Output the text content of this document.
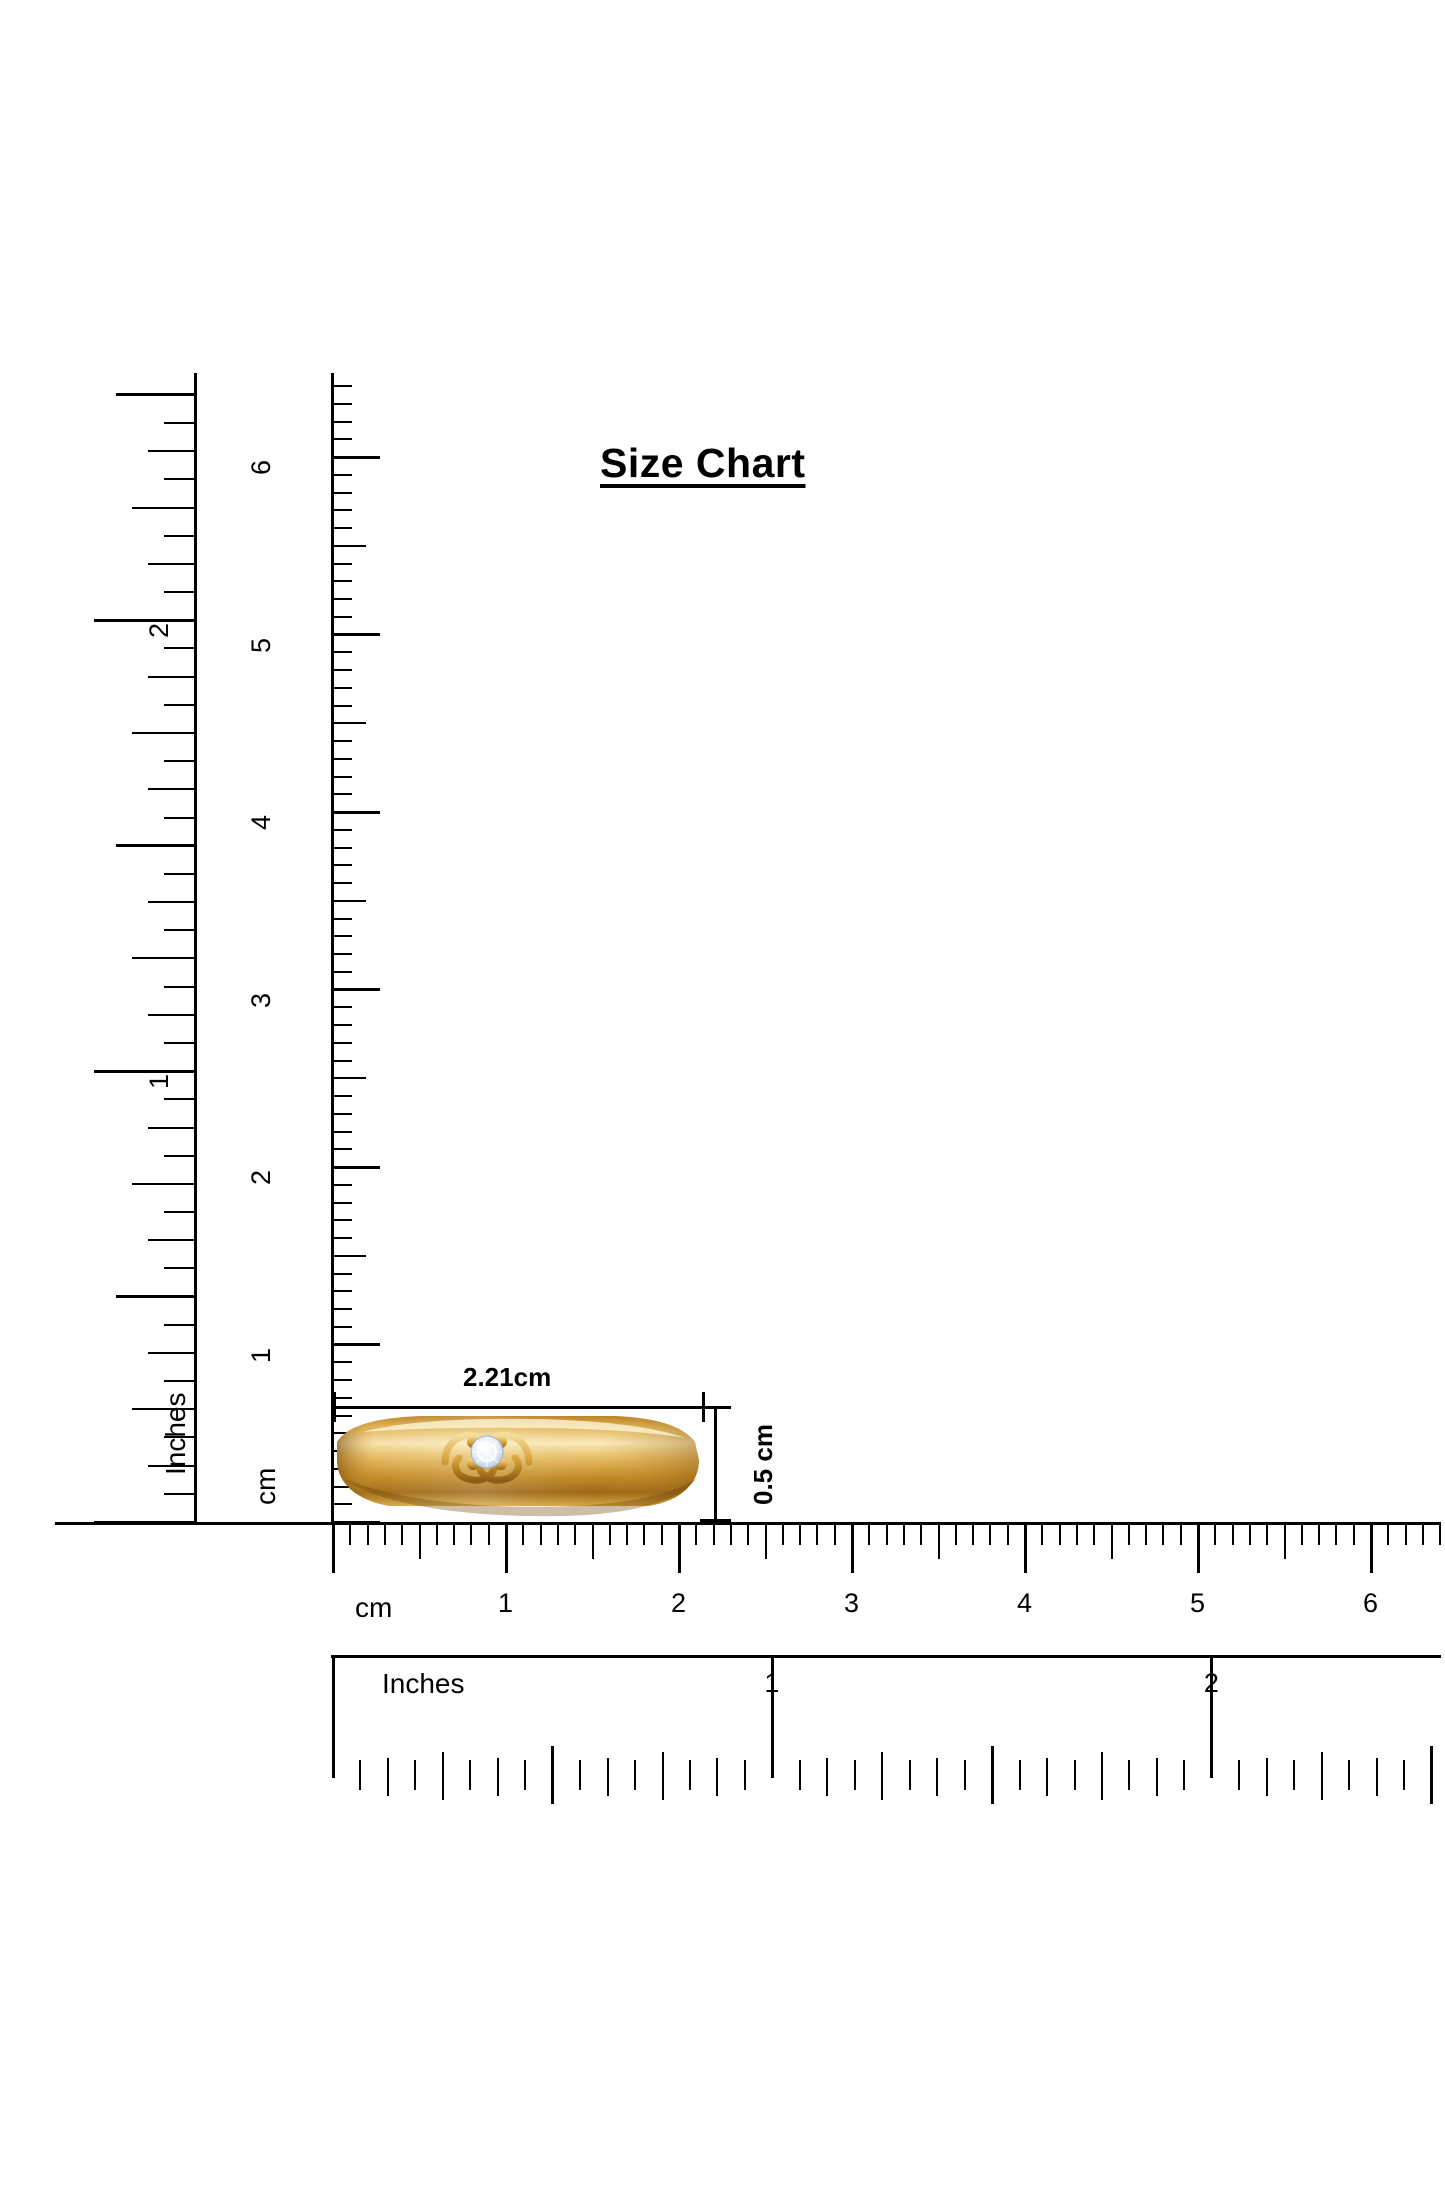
Size Chart
1
2
3
4
5
6
1
2
cm
Inches
1	2	3	4	5	6
1	2
cm
Inches
2.21cm
0.5 cm
